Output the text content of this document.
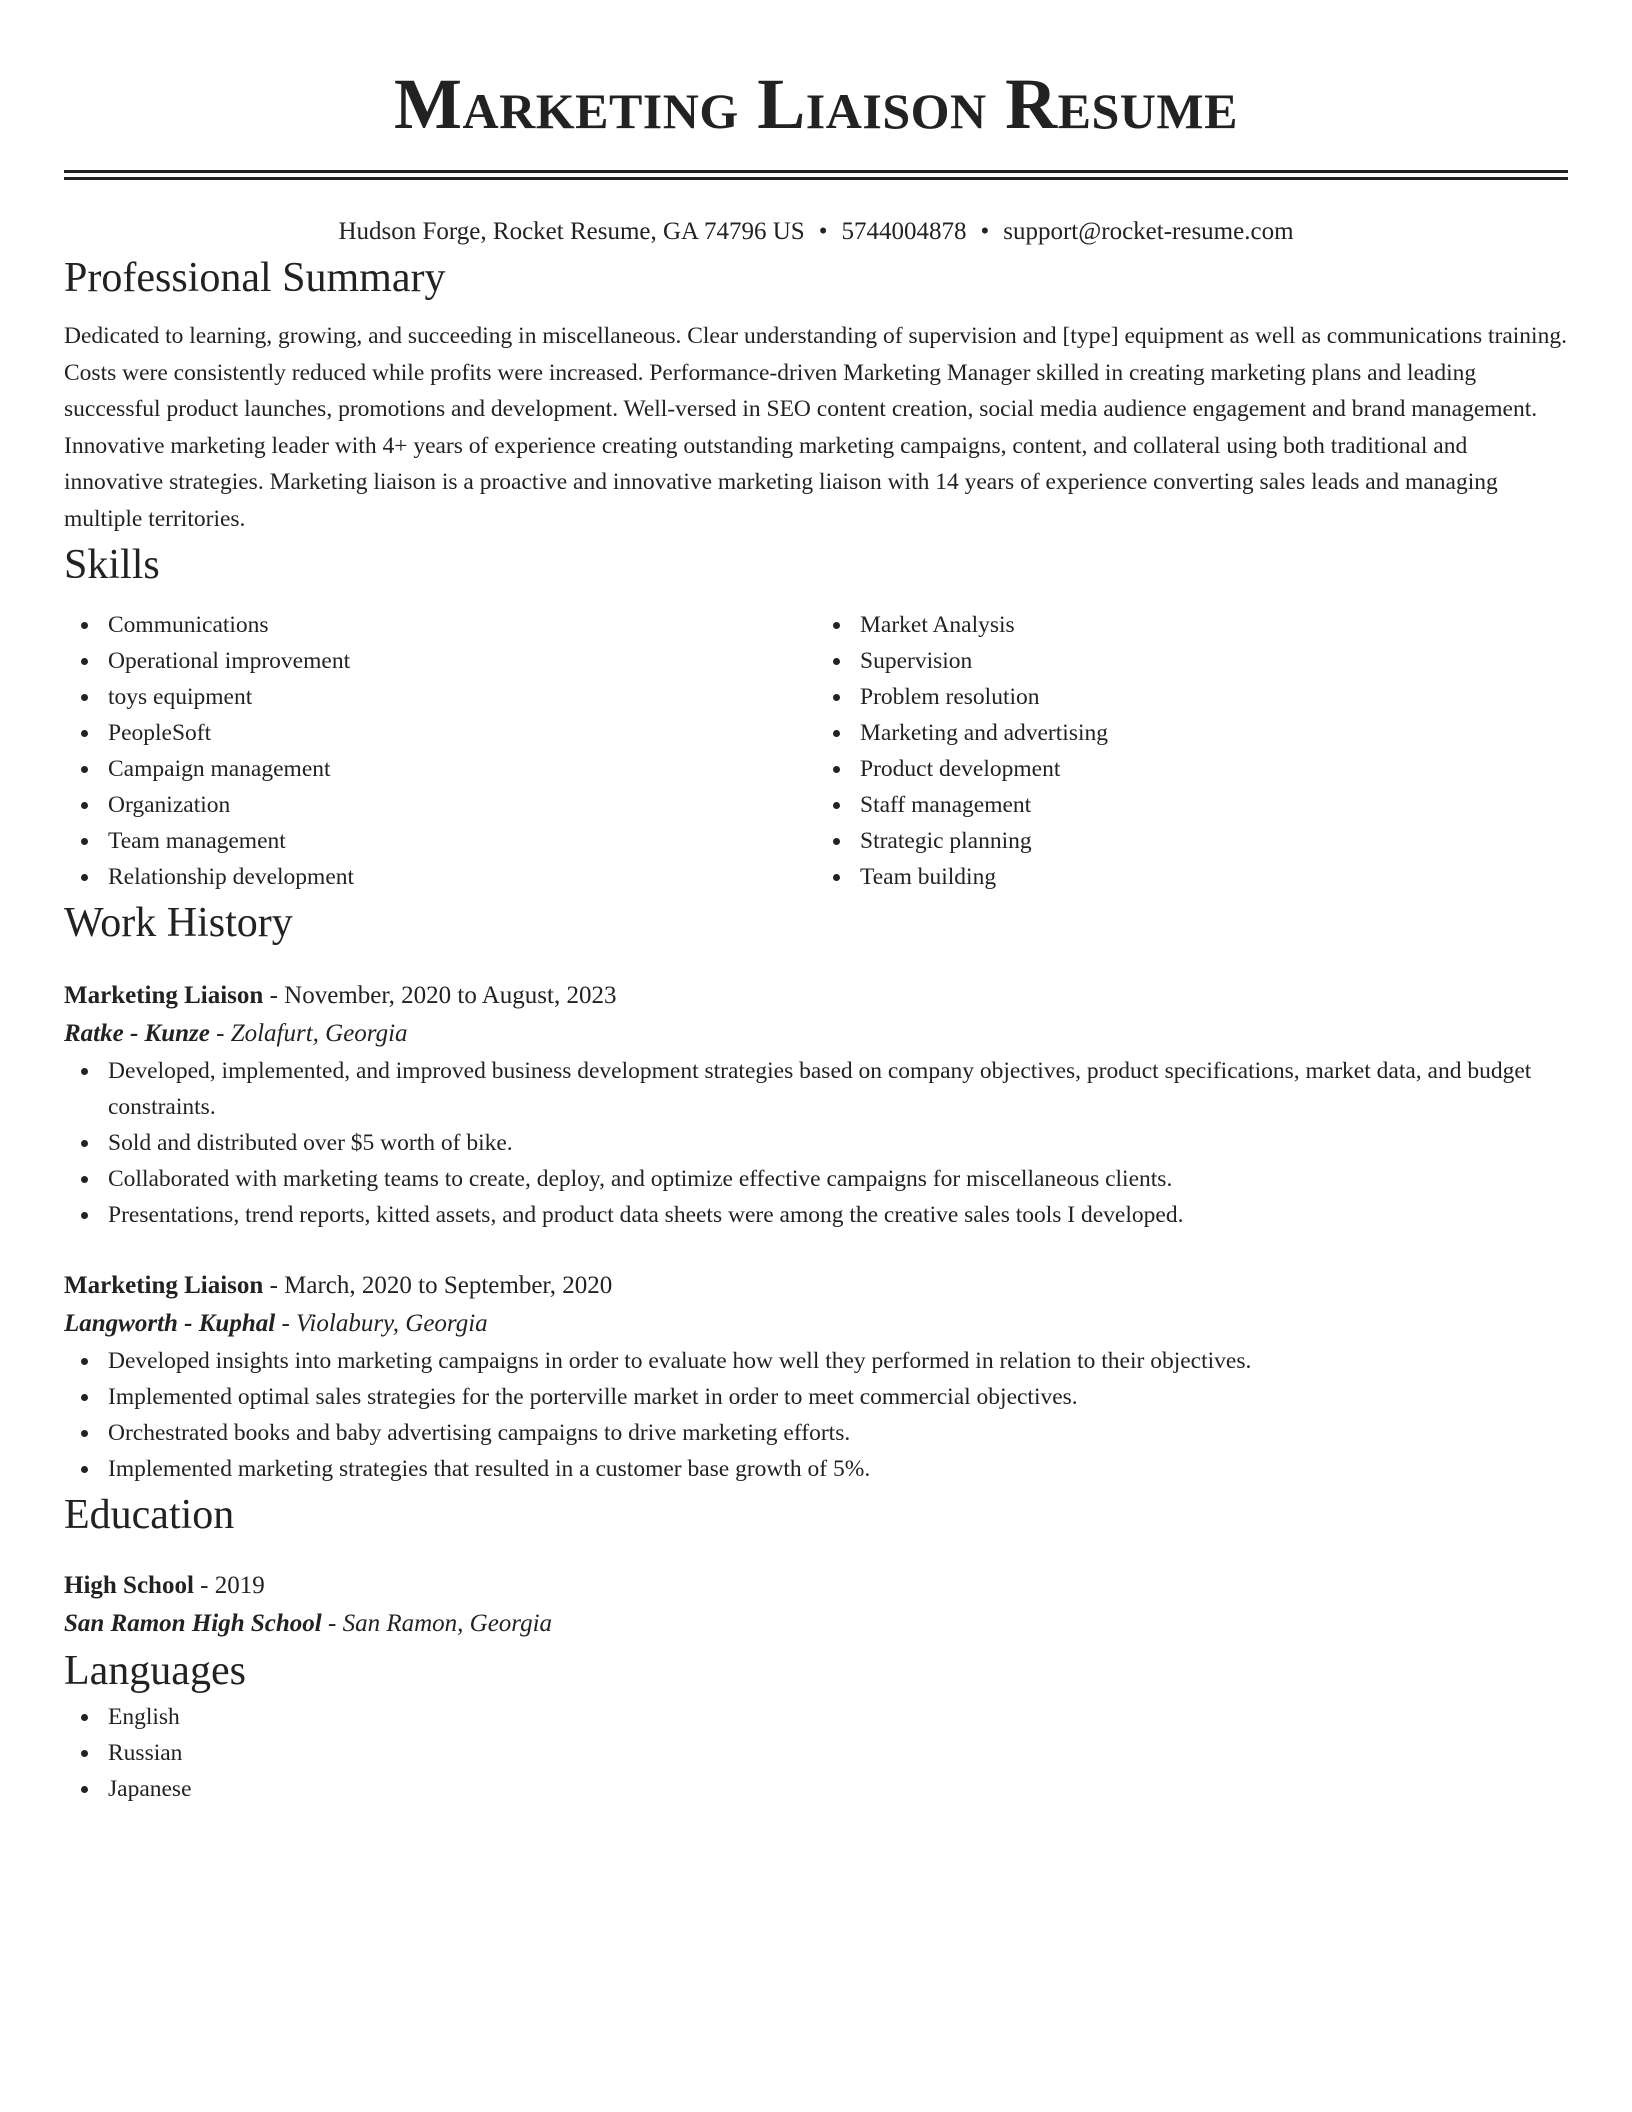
Marketing Liaison Resume
Hudson Forge, Rocket Resume, GA 74796 US • 5744004878 • support@rocket-resume.com
Professional Summary

Dedicated to learning, growing, and succeeding in miscellaneous. Clear understanding of supervision and [type] equipment as well as communications training. Costs were consistently reduced while profits were increased. Performance-driven Marketing Manager skilled in creating marketing plans and leading successful product launches, promotions and development. Well-versed in SEO content creation, social media audience engagement and brand management. Innovative marketing leader with 4+ years of experience creating outstanding marketing campaigns, content, and collateral using both traditional and innovative strategies. Marketing liaison is a proactive and innovative marketing liaison with 14 years of experience converting sales leads and managing multiple territories.

Skills
Communications
Operational improvement
toys equipment
PeopleSoft
Campaign management
Organization
Team management
Relationship development
Market Analysis
Supervision
Problem resolution
Marketing and advertising
Product development
Staff management
Strategic planning
Team building
Work History
Marketing Liaison - November, 2020 to August, 2023
Ratke - Kunze - Zolafurt, Georgia
Developed, implemented, and improved business development strategies based on company objectives, product specifications, market data, and budget constraints.
Sold and distributed over $5 worth of bike.
Collaborated with marketing teams to create, deploy, and optimize effective campaigns for miscellaneous clients.
Presentations, trend reports, kitted assets, and product data sheets were among the creative sales tools I developed.
Marketing Liaison - March, 2020 to September, 2020
Langworth - Kuphal - Violabury, Georgia
Developed insights into marketing campaigns in order to evaluate how well they performed in relation to their objectives.
Implemented optimal sales strategies for the porterville market in order to meet commercial objectives.
Orchestrated books and baby advertising campaigns to drive marketing efforts.
Implemented marketing strategies that resulted in a customer base growth of 5%.
Education
High School - 2019
San Ramon High School - San Ramon, Georgia
Languages
English
Russian
Japanese
